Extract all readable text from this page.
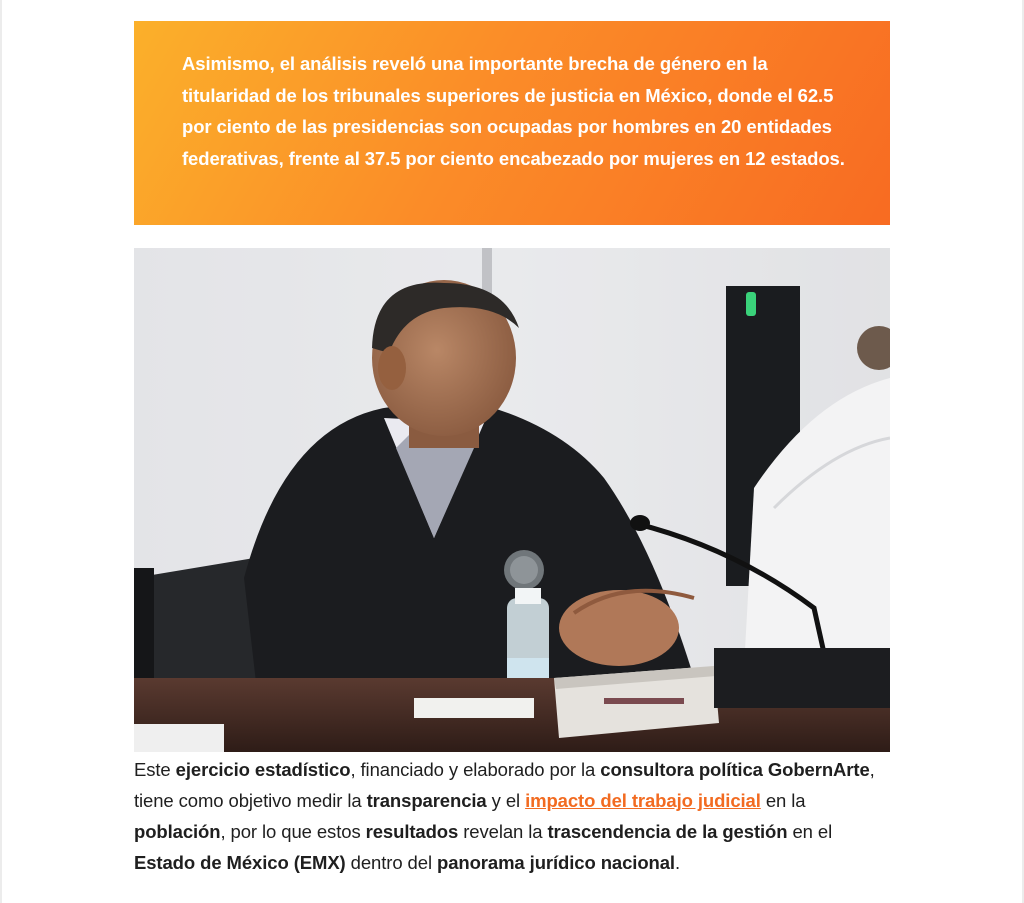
Asimismo, el análisis reveló una importante brecha de género en la titularidad de los tribunales superiores de justicia en México, donde el 62.5 por ciento de las presidencias son ocupadas por hombres en 20 entidades federativas, frente al 37.5 por ciento encabezado por mujeres en 12 estados.

Este ejercicio estadístico, financiado y elaborado por la consultora política GobernArte, tiene como objetivo medir la transparencia y el impacto del trabajo judicial en la población, por lo que estos resultados revelan la trascendencia de la gestión en el Estado de México (EMX) dentro del panorama jurídico nacional.
